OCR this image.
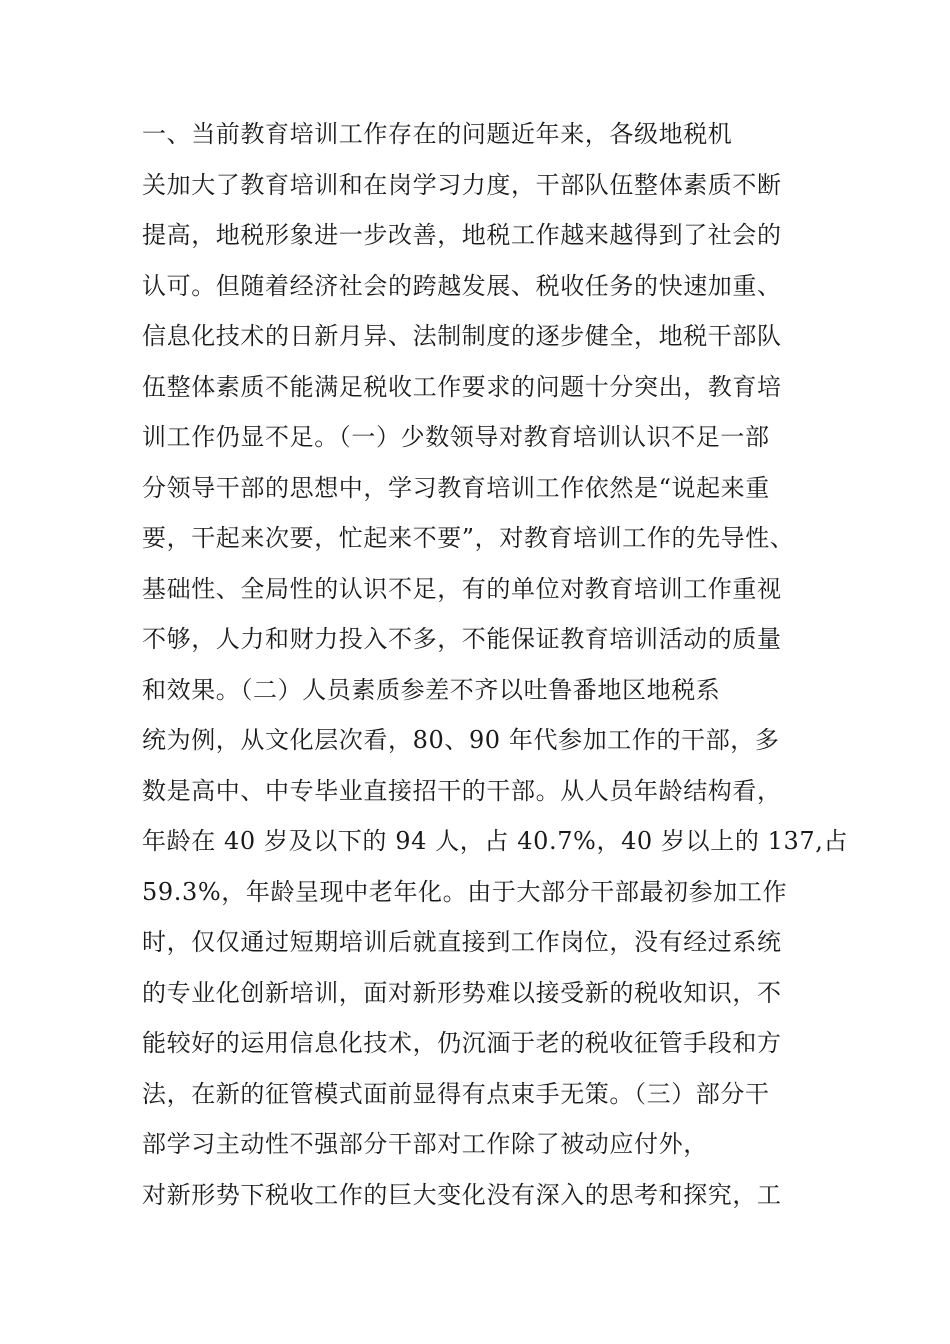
一、当前教育培训工作存在的问题近年来，各级地税机
关加大了教育培训和在岗学习力度，干部队伍整体素质不断
提高，地税形象进一步改善，地税工作越来越得到了社会的
认可。但随着经济社会的跨越发展、税收任务的快速加重、
信息化技术的日新月异、法制制度的逐步健全，地税干部队
伍整体素质不能满足税收工作要求的问题十分突出，教育培
训工作仍显不足。（一）少数领导对教育培训认识不足一部
分领导干部的思想中，学习教育培训工作依然是“说起来重
要，干起来次要，忙起来不要”，对教育培训工作的先导性、
基础性、全局性的认识不足，有的单位对教育培训工作重视
不够，人力和财力投入不多，不能保证教育培训活动的质量
和效果。（二）人员素质参差不齐以吐鲁番地区地税系
统为例，从文化层次看，80、90 年代参加工作的干部，多
数是高中、中专毕业直接招干的干部。从人员年龄结构看，
年龄在 40 岁及以下的 94 人，占 40.7%，40 岁以上的 137,占
59.3%，年龄呈现中老年化。由于大部分干部最初参加工作
时，仅仅通过短期培训后就直接到工作岗位，没有经过系统
的专业化创新培训，面对新形势难以接受新的税收知识，不
能较好的运用信息化技术，仍沉湎于老的税收征管手段和方
法，在新的征管模式面前显得有点束手无策。（三）部分干
部学习主动性不强部分干部对工作除了被动应付外，
对新形势下税收工作的巨大变化没有深入的思考和探究，工
